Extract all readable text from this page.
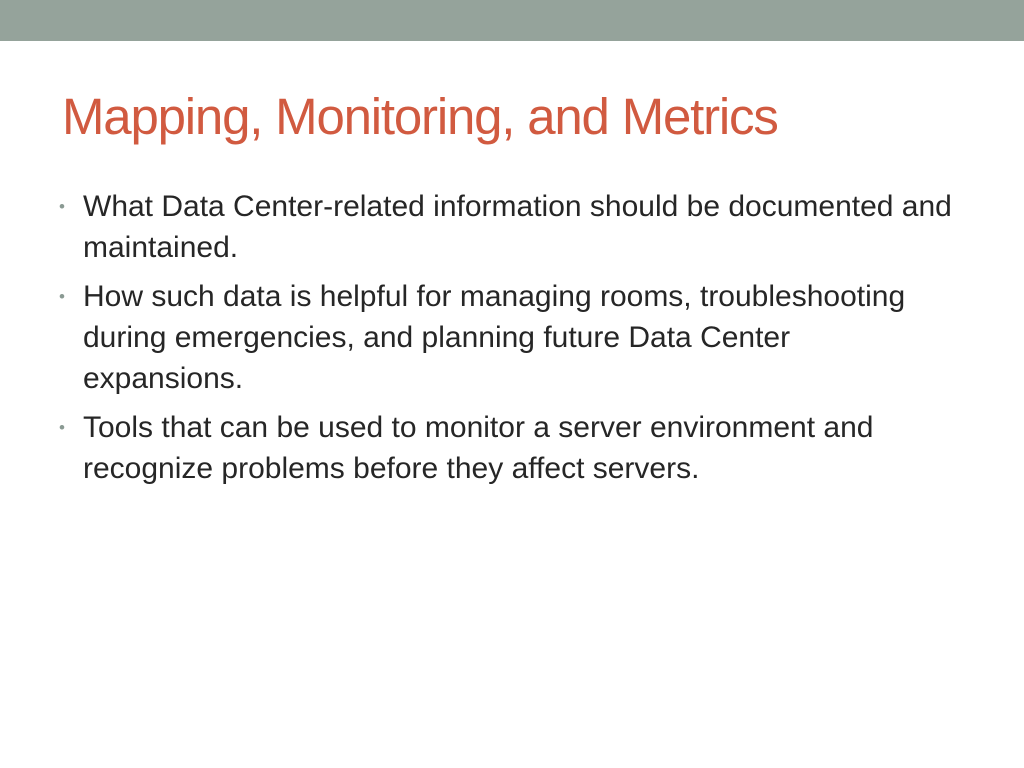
Mapping, Monitoring, and Metrics
• What Data Center-related information should be documented and maintained.
• How such data is helpful for managing rooms, troubleshooting during emergencies, and planning future Data Center expansions.
• Tools that can be used to monitor a server environment and recognize problems before they affect servers.
